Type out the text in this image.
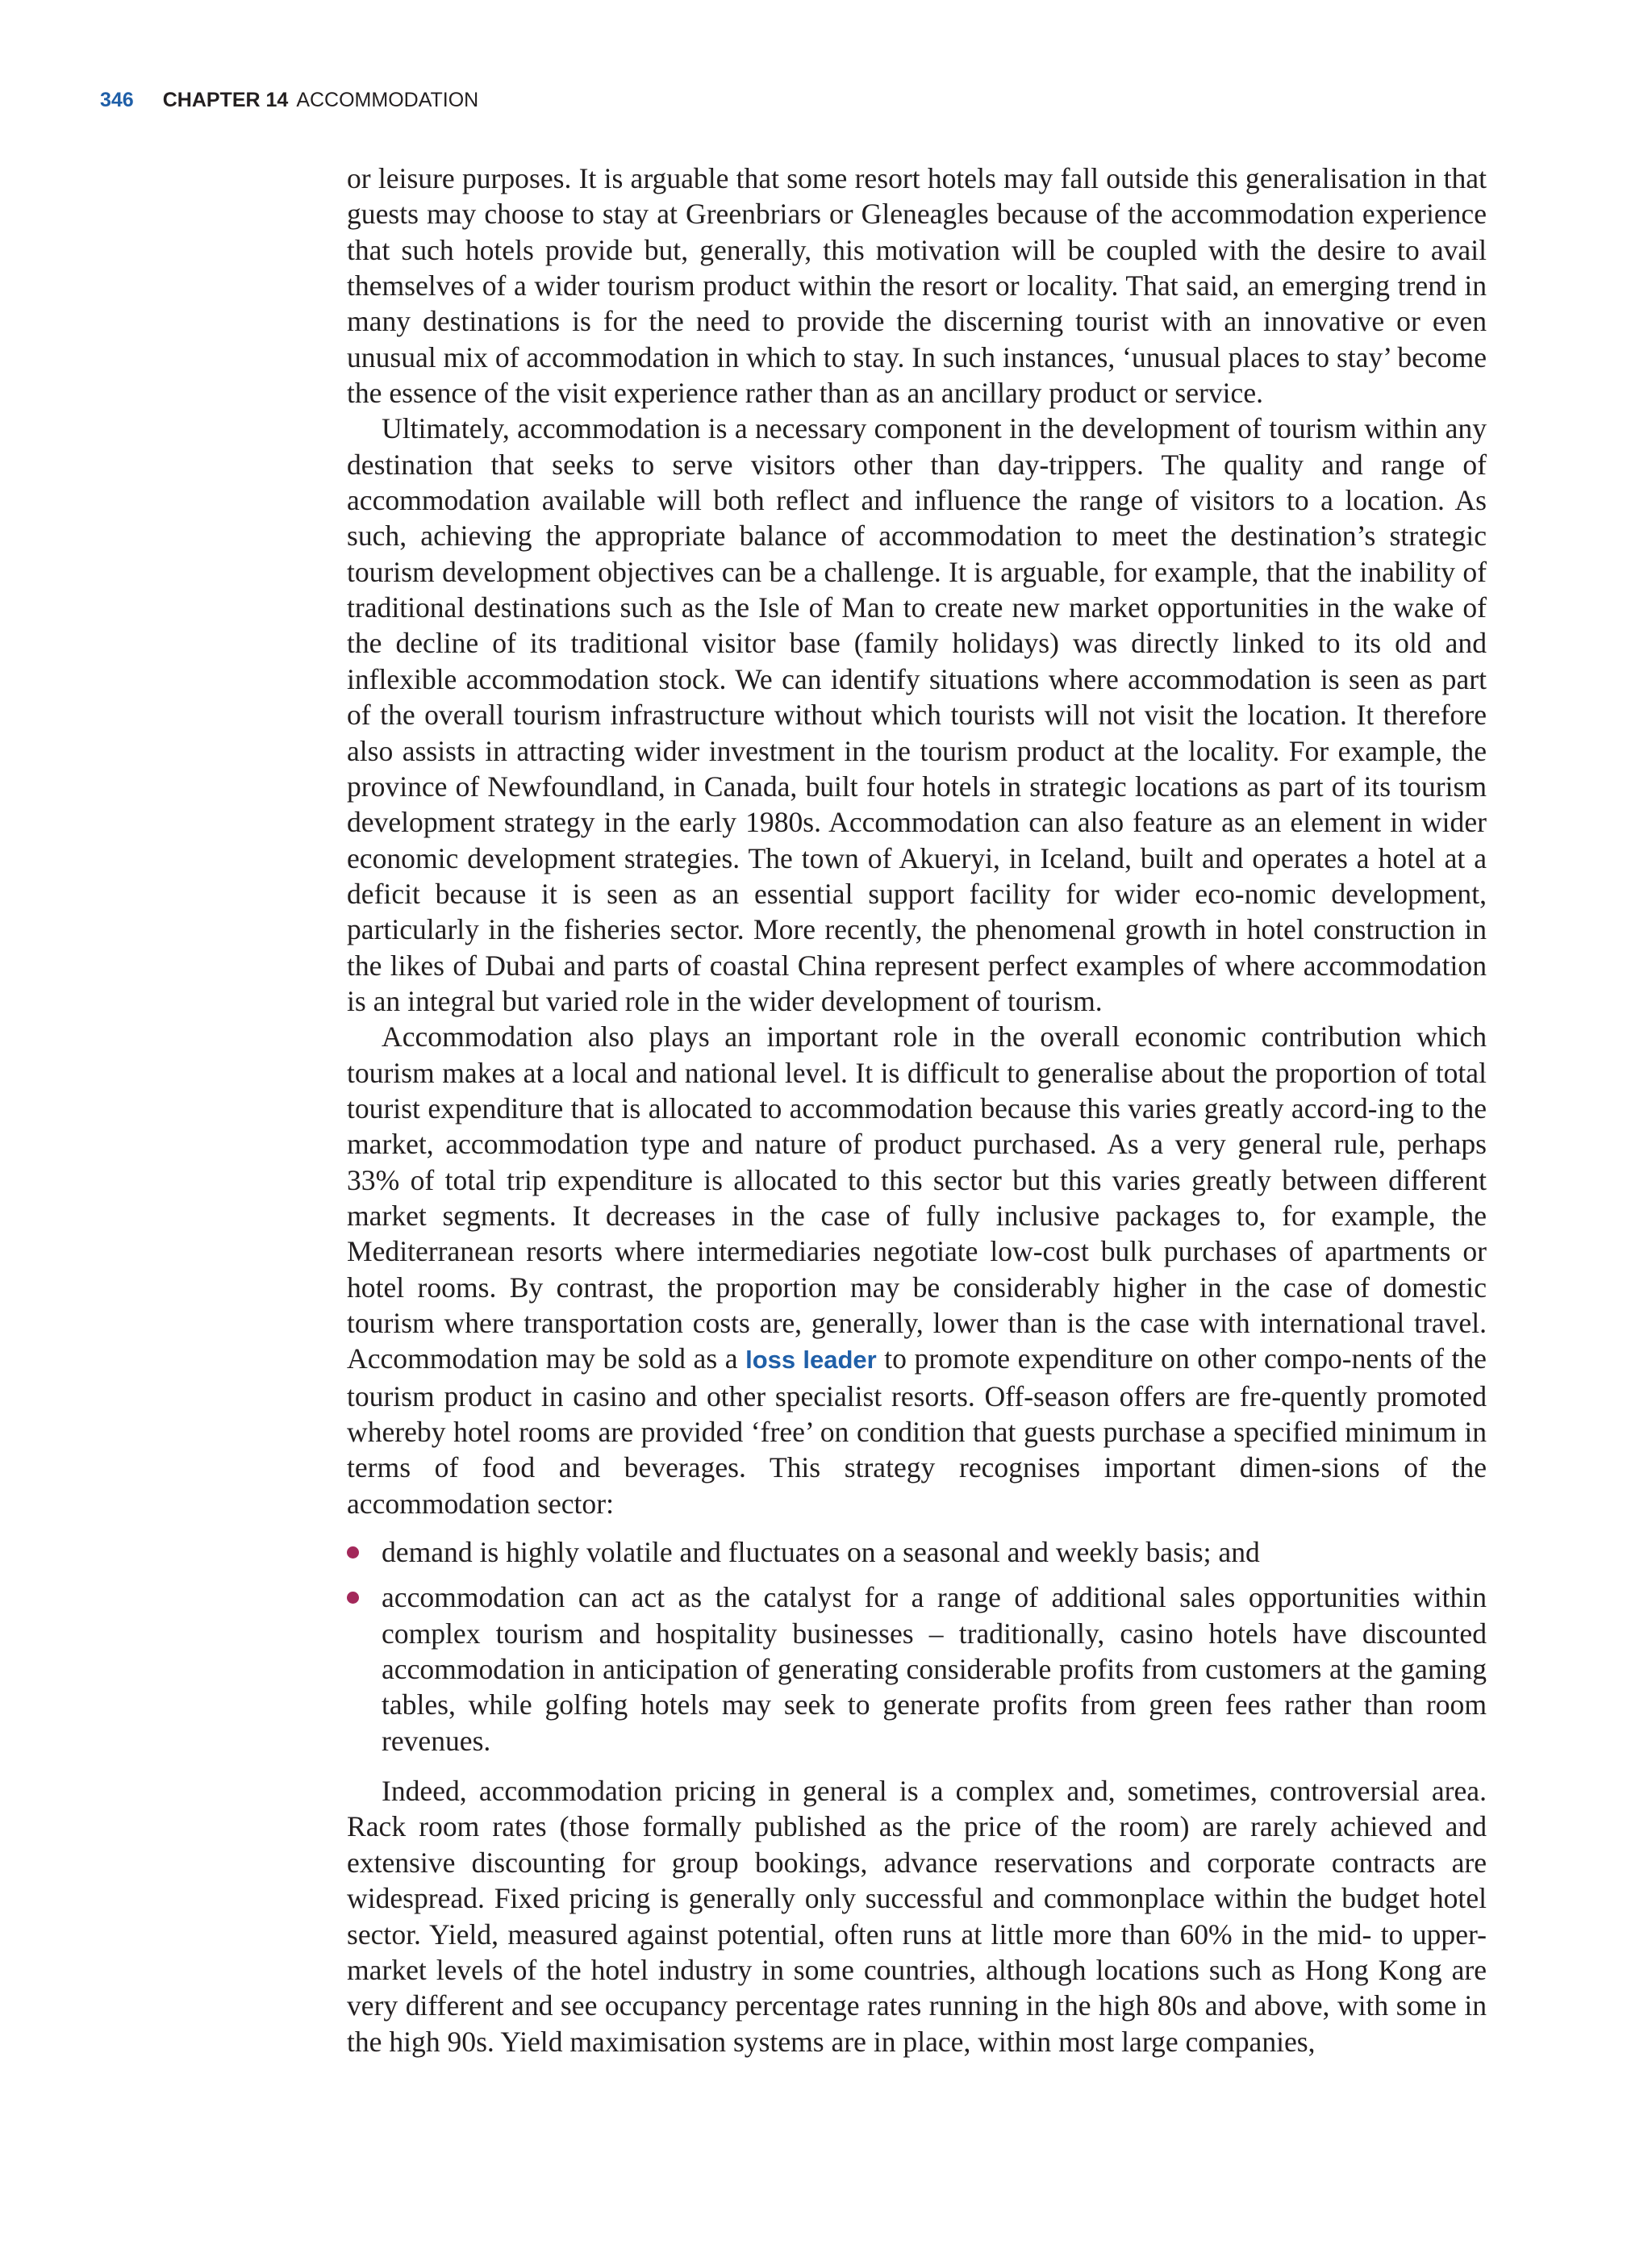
346 CHAPTER 14 ACCOMMODATION

or leisure purposes. It is arguable that some resort hotels may fall outside this generalisation in that guests may choose to stay at Greenbriars or Gleneagles because of the accommodation experience that such hotels provide but, generally, this motivation will be coupled with the desire to avail themselves of a wider tourism product within the resort or locality. That said, an emerging trend in many destinations is for the need to provide the discerning tourist with an innovative or even unusual mix of accommodation in which to stay. In such instances, ‘unusual places to stay’ become the essence of the visit experience rather than as an ancillary product or service.

Ultimately, accommodation is a necessary component in the development of tourism within any destination that seeks to serve visitors other than day-trippers. The quality and range of accommodation available will both reflect and influence the range of visitors to a location. As such, achieving the appropriate balance of accommodation to meet the destination’s strategic tourism development objectives can be a challenge. It is arguable, for example, that the inability of traditional destinations such as the Isle of Man to create new market opportunities in the wake of the decline of its traditional visitor base (family holidays) was directly linked to its old and inflexible accommodation stock. We can identify situations where accommodation is seen as part of the overall tourism infrastructure without which tourists will not visit the location. It therefore also assists in attracting wider investment in the tourism product at the locality. For example, the province of Newfoundland, in Canada, built four hotels in strategic locations as part of its tourism development strategy in the early 1980s. Accommodation can also feature as an element in wider economic development strategies. The town of Akueryi, in Iceland, built and operates a hotel at a deficit because it is seen as an essential support facility for wider eco-nomic development, particularly in the fisheries sector. More recently, the phenomenal growth in hotel construction in the likes of Dubai and parts of coastal China represent perfect examples of where accommodation is an integral but varied role in the wider development of tourism.

Accommodation also plays an important role in the overall economic contribution which tourism makes at a local and national level. It is difficult to generalise about the proportion of total tourist expenditure that is allocated to accommodation because this varies greatly accord-ing to the market, accommodation type and nature of product purchased. As a very general rule, perhaps 33% of total trip expenditure is allocated to this sector but this varies greatly between different market segments. It decreases in the case of fully inclusive packages to, for example, the Mediterranean resorts where intermediaries negotiate low-cost bulk purchases of apartments or hotel rooms. By contrast, the proportion may be considerably higher in the case of domestic tourism where transportation costs are, generally, lower than is the case with international travel. Accommodation may be sold as a loss leader to promote expenditure on other compo-nents of the tourism product in casino and other specialist resorts. Off-season offers are fre-quently promoted whereby hotel rooms are provided ‘free’ on condition that guests purchase a specified minimum in terms of food and beverages. This strategy recognises important dimen-sions of the accommodation sector:

demand is highly volatile and fluctuates on a seasonal and weekly basis; and
accommodation can act as the catalyst for a range of additional sales opportunities within complex tourism and hospitality businesses – traditionally, casino hotels have discounted accommodation in anticipation of generating considerable profits from customers at the gaming tables, while golfing hotels may seek to generate profits from green fees rather than room revenues.

Indeed, accommodation pricing in general is a complex and, sometimes, controversial area. Rack room rates (those formally published as the price of the room) are rarely achieved and extensive discounting for group bookings, advance reservations and corporate contracts are widespread. Fixed pricing is generally only successful and commonplace within the budget hotel sector. Yield, measured against potential, often runs at little more than 60% in the mid- to upper-market levels of the hotel industry in some countries, although locations such as Hong Kong are very different and see occupancy percentage rates running in the high 80s and above, with some in the high 90s. Yield maximisation systems are in place, within most large companies,
